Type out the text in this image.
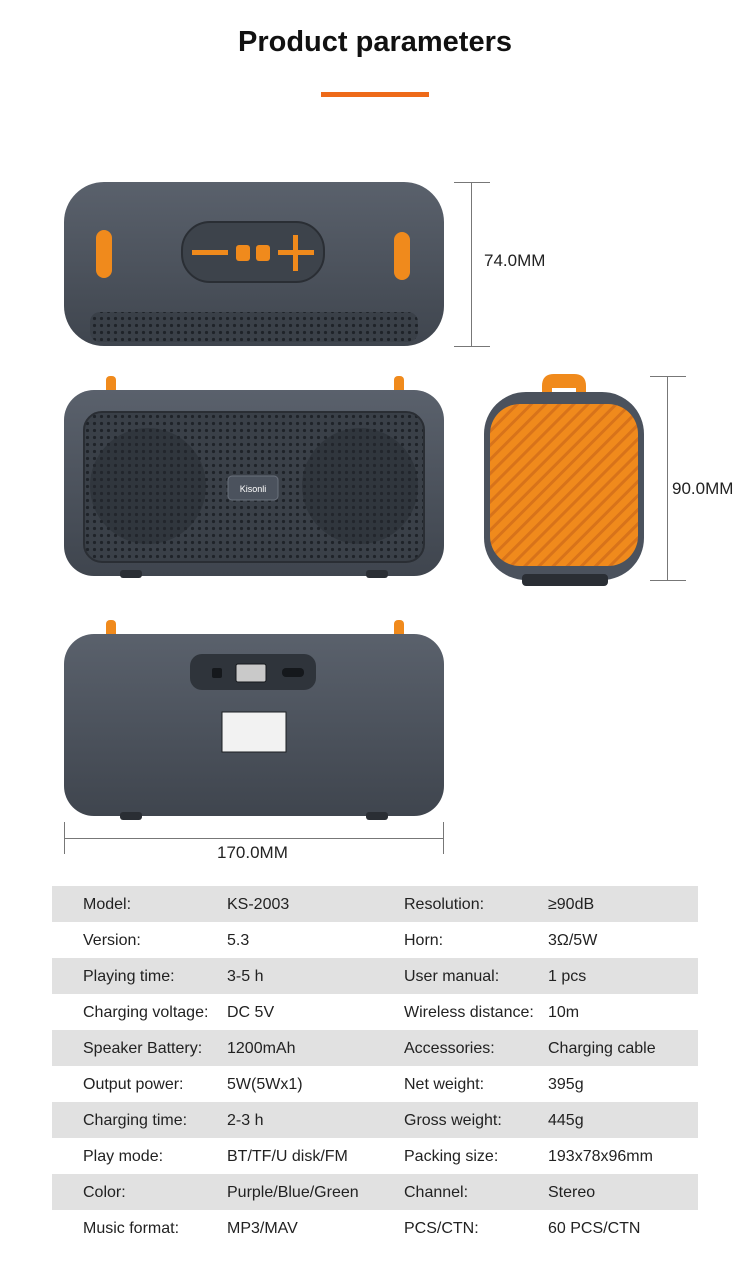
Product parameters
Kisonli
74.0MM
90.0MM
170.0MM
Model:	KS-2003	Resolution:	≥90dB
Version:	5.3	Horn:	3Ω/5W
Playing time:	3-5 h	User manual:	1 pcs
Charging voltage: DC 5V	Wireless distance: 10m
Speaker Battery: 1200mAh	Accessories:	Charging cable
Output power:	5W(5Wx1)	Net weight:	395g
Charging time: 2-3 h	Gross weight:	445g
Play mode:	BT/TF/U disk/FM	Packing size:	193x78x96mm
Color:	Purple/Blue/Green	Channel:	Stereo
Music format:	MP3/MAV	PCS/CTN:	60 PCS/CTN
